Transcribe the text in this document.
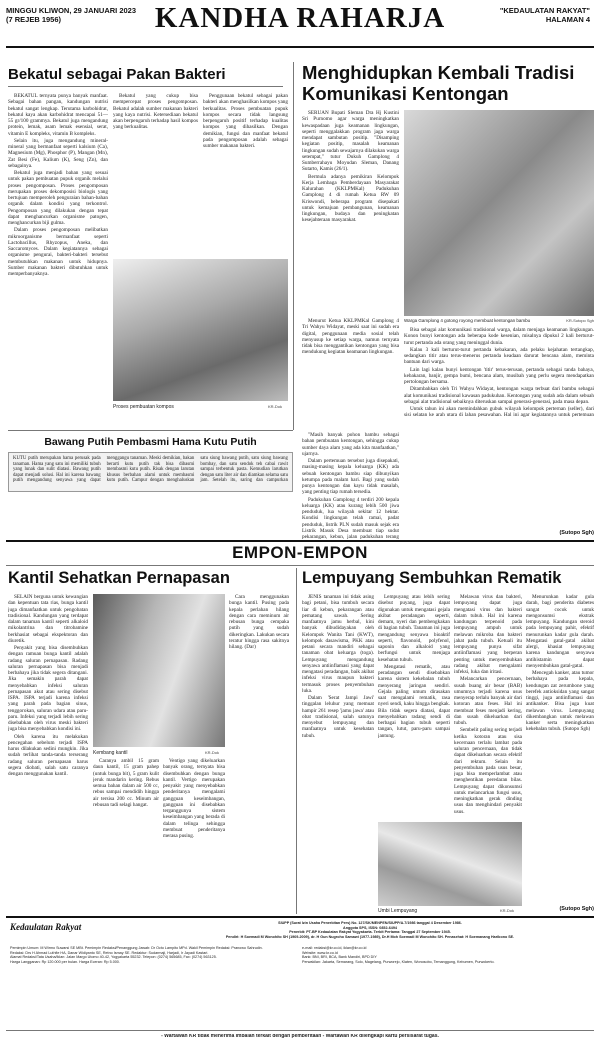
MINGGU KLIWON, 29 JANUARI 2023
(7 REJEB 1956)	KANDHA RAHARJA	"KEDAULATAN RAKYAT"
HALAMAN 4
Bekatul sebagai Pakan Bakteri

BEKATUL ternyata punya banyak manfaat. Sebagai bahan pangan, kandungan nutrisi bekatul sangat lengkap. Terutama karbohidrat, bekatul kaya akan karbohidrat mencapai 51—55 gr/100 grammya. Bekatul juga mengandung protein, lemak, asam lemak esensial, serat, vitamin E kompleks, vitamin B kompleks.

Selain itu, juga mengandung mineral-mineral yang bermanfaat seperti kalsium (Ca), Magnesium (Mg), Phosphor (P), Mangan (Mn), Zat Besi (Fe), Kalium (K), Seng (Zn), dan sebagainya.

Bekatul juga menjadi bahan yang sesuai untuk pakan pembuatan pupuk organik melalui proses pengomposan. Proses pengomposan merupakan proses dekomposisi biologis yang bertujuan memperoleh penguraian bahan-bahan organik dalam kondisi yang terkontrol. Pengomposan yang dilakukan dengan tepat dapat menghancurkan organisme patogen, menghancurkan biji gulma.

Dalam proses pengomposan melibatkan mikroorganisme bermanfaat seperti Lactobacillus, Rhyzopus, Aneka, dan Saccaromyces. Dalam kegiatannya sebagai organisme pengurai, bakteri-bakteri tersebut membutuhkan makanan untuk hidupnya. Sumber makanan bakteri dibutuhkan untuk memperbanyaknya.

Bekatul yang cukup bisa mempercepat proses pengomposan. Bekatul adalah sumber makanan bakteri yang kaya nutrisi. Ketersediaan bekatul akan berpengaruh terhadap hasil kompos yang berkualitas.

Penggunaan bekatul sebagai pakan bakteri akan menghasilkan kompos yang berkualitas. Proses pembuatan pupuk kompos secara tidak langsung berpengaruh positif terhadap kualitas kompos yang dihasilkan. Dengan demikian, fungsi dan manfaat bekatul pada pengomposan adalah sebagai sumber makanan bakteri.

Proses pembuatan kompos	KR-Dok
Menghidupkan Kembali Tradisi Komunikasi Kentongan

SERUAN Bupati Sleman Dra Hj Kustini Sri Purnomo agar warga meningkatkan kewaspadaan juga keamanan lingkungan, seperti menggalakkan program jaga warga mendapat sambutan positip. "Disamping kegiatan positip, masalah keamanan lingkungan sudah sewajarnya dilakukan warga setempat," tutur Dukuh Gamplong 4 Sumberrahayu Moyudan Sleman, Danang Sutarto, Kamis (26/1).

Bermula adanya pemikiran Kelompok Kerja Lembaga Pemberdayaan Masyarakat Kalurahan (KKLPMKal) Padukuhan Gamplong 4 di rumah Ketua RW 09 Kriswondi, beberapa program disepakati untuk kemajuan pembangunan, keamanan lingkungan, budaya dan peningkatan kesejahteraan masyarakat.

Warga Gamplong 4 gotong royong membuat kentongan bambu	KR-Sutopo Sgh

Menurut Ketua KKLPMKal Gamplong 4 Tri Wahyu Widayat, meski saat ini sudah era digital, penggunaan media sosial telah menyusup ke setiap warga, namun ternyata tidak bisa menggantikan kentongan yang bisa mendukung kegiatan keamanan lingkungan.

Bisa sebagai alat komunikasi tradisional warga, dalam menjaga keamanan lingkungan. Konon bunyi kentongan ada beberapa kode kesenian, misalnya dipukul 2 kali berturut-turut pertanda ada orang yang meninggal dunia.

Kalau 3 kali berturut-turut pertanda kebakaran, ada pelaku kejahatan tertangkap, sedangkan titir atau terus-menerus pertanda keadaan darurat bencana alam, meminta bantuan dari warga.

Lain lagi kalau bunyi kentongan 'titir' terus-terusan, pertanda sebagai tanda bahaya, kebakaran, banjir, gempa bumi, bencana alam, musibah yang perlu segera mendapatkan pertolongan bersama.

Ditambahkan oleh Tri Wahyu Widayat, kentongan warga terbuat dari bambu sebagai alat komunikasi tradisional kawasan padukuhan. Kentongan yang sudah ada dalam sebuah sebagai alat tradisional sebaiknya diteruskan sampai generasi-generasi, pada masa depan.

Untuk tahun ini akan memindahkan gubuk wilayah kelompok perternan (seller), dari sisi selatan ke arah utara di lahan pesawahan. Hal ini agar kegiatannya untuk pertemuan

"Masih banyak pohon bambu sebagai bahan pembuatan kentongan, sehingga cukup sumber daya alam yang ada kita manfaatkan," ujarnya.

Dalam pertemuan tersebut juga disepakati, masing-masing kepala keluarga (KK) ada sebuah kentongan bambu siap dibunyikan ketumpa pada malam hari. Bagi yang sudah punya kentongan dan kayu tidak masalah, yang penting tiap rumah tersedia.

Padukuhan Gamplong 4 terdiri 200 kepala keluarga (KK) atau kurang lebih 500 jiwa penduduk, lua wilayah sekitar 12 hektar. Kondisi lingkungan telah ramai, padat penduduk, listrik PLN sudah masuk sejak era Listrik Masuk Desa membuat tiap sudut pekarangan, kebun, jalan padukuhan terang

(Sutopo Sgh)
Bawang Putih Pembasmi Hama Kutu Putih
KUTU putih merupakan hama perusak pada tanaman. Hama yang satu ini memiliki tubuh yang lunak dan sulit diatasi. Bawang putih dapat menjadi solusi. Hal ini karena bawang putih mengandung senyawa yang dapat menggangu tanaman. Meski demikian, bakan berarti kutu putih tak bisa dibasmi membasmi kutu putih. Risak dengan larutan khusus berbahan alami untuk membasmi kutu putih. Campur dengan menghaluskan satu siung bawang putih, satu siung bawang bombay, dan satu sendok teh cabai rawit sampai terbentuk pasta. Kemudian larutkan dengan satu liter air dan diamkan selama satu jam. Setelah itu, saring dan campurkan
EMPON-EMPON
Kantil Sehatkan Pernapasan

SELAIN berguna untuk kewangian dan kepentuan tata rias, bunga kantil juga dimanfaatkan untuk pengobatan tradisional. Kandungan yang terdapat dalam tanaman kantil seperti alkaloid mikolantrina dan titrobamine berkhasiat sebagai ekspektoran dan diuretik.

Penyakit yang bisa disembuhkan dengan ramuan bunga kantil adalah radang saluran pernapasan. Radang saluran pernapasan bisa menjadi berbahaya jika tidak segera ditangani. Jika semakin parah dapat menyebabkan infeksi saluran pernapasan akut atau sering disebut ISPA. ISPA terjadi karena infeksi yang parah pada bagian sinus, tenggorokan, saluran udara atau paru-paru. Infeksi yang terjadi lebih sering disebabkan oleh virus meski bakteri juga bisa menyebabkan kondisi ini.

Oleh karena itu melakukan pencegahan sebelum terjadi ISPA harus dilakukan sedini mungkin. Jika sudah terlihat tanda-tanda terserang radang saluran pernapasan harus segera diobati, salah satu caranya dengan menggunakan kantil.

Kembang kantil	KR-Dok

Cara menggunakan bunga kantil. Pusing pada kepala perlahan hilang dengan cara meminum air rebusan bunga cempaka putih yang sudah dikeringkan. Lakukan secara teratur hingga rasa sakitnya hilang. (Dar)

Caranya ambil 15 gram daun kantil, 15 gram pahep (untuk bunga bit), 5 gram kulit jeruk mandarin kering. Rebus semua bahan dalam air 500 cc, rebus sampai mendidih hingga air tersisa 200 cc. Minum air rebusan tadi selagi hangat.

Ventigo yang dikeluarkan banyak orang, ternyata bisa disembuhkan dengan bunga kantil. Vertigo merupakan penyakit yang menyebabkan penderitanya mengalami gangguan keseimbangan, gangguan ini disebabkan terganggunya sistem keseimbangan yang berada di dalam telinga sehingga membuat penderitanya merasa pusing.

Lempuyang Sembuhkan Rematik

JENIS tanaman ini tidak asing bagi petani, bisa tumbuh secara liar di kebun, pekarangan atau pematang sawah. Sering manfaatnya jamu herbal, kini banyak dibudidayakan oleh Kelompok Wanita Tani (KWT), kelompok dasawisma, PKK atau petani secara mandiri sebagai tanaman obat keluarga (toga). Lempuyang mengandung senyawa antiinflamasi yang dapat mengatasi peradangan, baik akibat infeksi virus maupun bakteri termasuk proses penyembuhan luka.

Dalam 'Serat Jampi Jawi' tinggalan leluhur yang memuat hampir 261 resep 'jamu jawa' atau obat tradisional, salah satunya menyebut lempuyang dan manfaatnya untuk kesehatan tubuh.

Lempuyang atau lebih sering disebut puyang, juga dapat digunakan untuk mengatasi gejala akibat peradangan seperti, demam, nyeri dan pembengkakan di bagian tubuh. Tanaman ini juga mengandung senyawa bioaktif seperti, flavonoid, polyfenol, saponin dan alkaloid yang berfungsi untuk menjaga kesehatan tubuh.

Mengatasi rematik, atau peradangan sendi disebabkan karena sistem kekebalan tubuh menyerang jaringan sendiri. Gejala paling umum dirasakan saat mengalami rematik, rasa nyeri sendi, kaku hingga bengkak. Bila tidak segera diatasi, dapat menyebabkan radang sendi di berbagai bagian tubuh seperti tangan, lutut, paru-paru sampai jantung.

Melawan virus dan bakteri, lempuyang dapat juga mengatasi virus dan bakteri dalam tubuh. Hal ini karena kandungan terpenoid pada lempuyang ampuh untuk melawan mikroba dan bakteri jahat pada tubuh. Ketuali itu lempuyang punya sifat antiinflamasi yang berperan penting untuk menyembuhkan radang akibat mengalami infeksi, luka dan iritasi.

Melancarkan pencernaan, susah buang air besar (BAB) umumnya terjadi karena usus menyerap terlalu banyak air dari kotoran atau feses. Hal ini membuat feses menjadi kering, dan susah dikeluarkan dari tubuh.

Sembelit paling sering terjadi ketika kotoran atau sisa kecernaan terlalu lambat pada saluran pencernaan, dan tidak dapat dikeluarkan secara efektif dari rektum. Selain itu penyembuhan pada usus besar, juga bisa memperlambat atau menghentikan peredaran bilas. Lempuyang dapat dikonsumsi untuk melancarkan fungsi usus, meningkatkan gerak dinding usus dan menghindari penyakit usus.

Menurunkan kadar gula darah, bagi penderita diabetes sangat cocok untuk mengonsumsi ekstrak lempuyang. Kandungan steroid pada lempuyang pahit, efektif menurunkan kadar gula darah. Mengatasi gatal-gatal akibat alergi, khasiat lempuyang karena kandungan senyawa antihistamin dapat menyembuhkan gatal-gatal.

Mencegah kanker, atau tumor berbahaya pada kepala, kendungan zat zerumbone yang berefek antioksidan yang sangat tinggi, juga antiinflamasi dan antikanker. Bisa juga kuat melawan virus. Lempuyang dikembangkan untuk melawan kanker serta meningkatkan kekebalan tubuh. (Sutopo Sgh)

Umbi Lempuyang	KR-Dok	(Sutopo Sgh)
Kedaulatan Rakyat	SIUPP (Surat Izin Usaha Penerbitan Pers) No. 127/SK/MENPEN/SIUPP/A.7/1986 tanggal 4 Desember 1986.
Anggota SPS, ISSN: 0852-6494
Penerbit: PT-BP Kedaulatan Rakyat Yogyakarta. Terbit Pertama: Tanggal 27 September 1945.
Pendiri: H Soemadi M Wonohito SH (1969-2009), dr. H Gun Nugroho Samawi (1977-1989), Dr.H Moh Soemadi M Wonohito SH. Penasehat: H Soemanang Haribono SE.
Pemimpin Umum: M Wirmo Suwarsi SE MBt. Pemimpin Redaksi/Penanggung Jawab: Dr Octo Lampito MPd. Wakil Pemimpin Redaksi: Pranowo Sahrudin.
Redaksi: Drs H Ahmad Luthfie HA, Danar Widiyanto SE, Retno Ismay SE. Redaktur: Sudarmaji, Harjadi, Ir Jayadi Kastari.
Alamat Redaksi/Tata Usaha/Iklan: Jalan Margo Utomo 40-42, Yogyakarta 55232. Telepon: (0274) 565685, Fax: (0274) 563125.
Harga Langganan: Rp 120.000 per bulan. Harga Eceran: Rp 5.000.
e-mail: redaksi@kr.co.id, iklan@kr.co.id
Website: www.kr.co.id
Bank: BNI, BRI, BCA, Bank Mandiri, BPD DIY
Perwakilan: Jakarta, Semarang, Solo, Magelang, Purworejo, Klaten, Wonosobo, Temanggung, Kebumen, Purwokerto.
- Wartawan KR tidak menerima imbalan terkait dengan pemberitaan - Wartawan KR dilengkapi kartu persisarat tugas.
